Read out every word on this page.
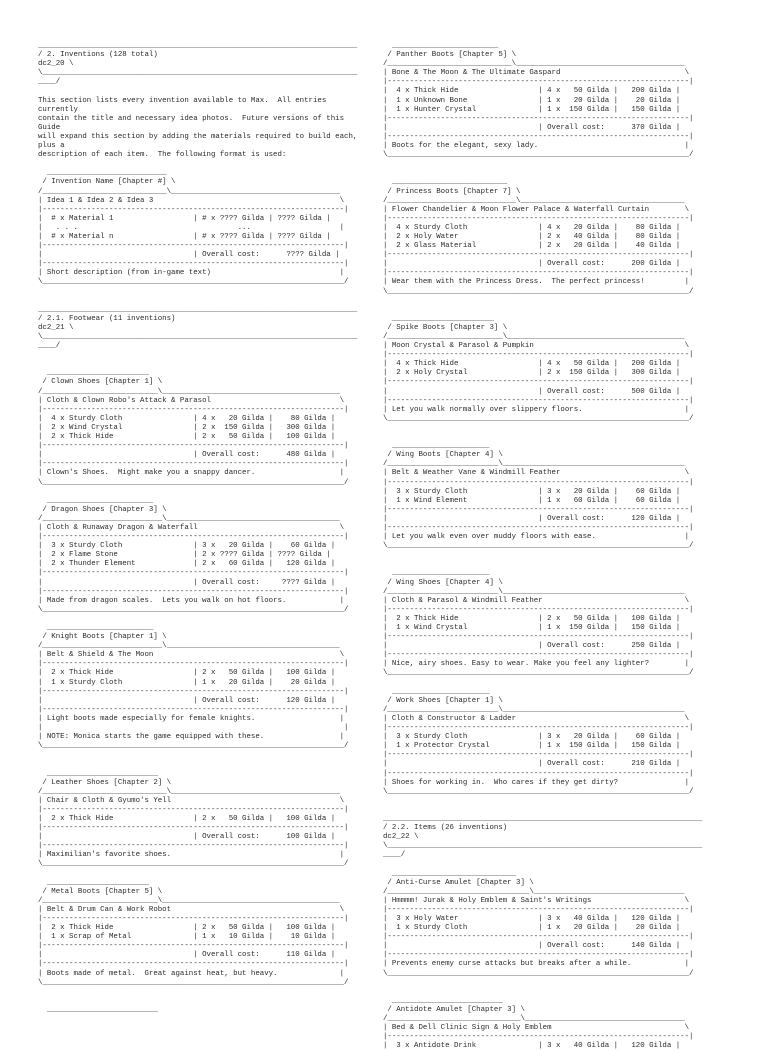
________________________________________________________________________
/ 2. Inventions (128 total)
dc2_20 \
\_______________________________________________________________________
____/

This section lists every invention available to Max.  All entries
currently
contain the title and necessary idea photos.  Future versions of this
Guide
will expand this section by adding the materials required to build each,
plus a
description of each item.  The following format is used:

___________________________
/ Invention Name [Chapter #] \
/____________________________\______________________________________
| Idea 1 & Idea 2 & Idea 3                                          \
|--------------------------------------------------------------------|
|  # x Material 1                  | # x ???? Gilda | ???? Gilda |
|   . . .                                    ...                    |
|  # x Material n                  | # x ???? Gilda | ???? Gilda |
|--------------------------------------------------------------------|
|                                  | Overall cost:      ???? Gilda |
|--------------------------------------------------------------------|
| Short description (from in-game text)                             |
\____________________________________________________________________/

________________________________________________________________________
/ 2.1. Footwear (11 inventions)
dc2_21 \
\_______________________________________________________________________
____/

_______________________
/ Clown Shoes [Chapter 1] \
/__________________________\________________________________________
| Cloth & Clown Robo's Attack & Parasol                             \
|--------------------------------------------------------------------|
|  4 x Sturdy Cloth                | 4 x   20 Gilda |    80 Gilda |
|  2 x Wind Crystal                | 2 x  150 Gilda |   300 Gilda |
|  2 x Thick Hide                  | 2 x   50 Gilda |   100 Gilda |
|--------------------------------------------------------------------|
|                                  | Overall cost:      480 Gilda |
|--------------------------------------------------------------------|
| Clown's Shoes.  Might make you a snappy dancer.                   |
\____________________________________________________________________/

________________________
/ Dragon Shoes [Chapter 3] \
/___________________________\_______________________________________
| Cloth & Runaway Dragon & Waterfall                                \
|--------------------------------------------------------------------|
|  3 x Sturdy Cloth                | 3 x   20 Gilda |    60 Gilda |
|  2 x Flame Stone                 | 2 x ???? Gilda | ???? Gilda |
|  2 x Thunder Element             | 2 x   60 Gilda |   120 Gilda |
|--------------------------------------------------------------------|
|                                  | Overall cost:     ???? Gilda |
|--------------------------------------------------------------------|
| Made from dragon scales.  Lets you walk on hot floors.            |
\____________________________________________________________________/

________________________
/ Knight Boots [Chapter 1] \
/___________________________\_______________________________________
| Belt & Shield & The Moon                                          \
|--------------------------------------------------------------------|
|  2 x Thick Hide                  | 2 x   50 Gilda |   100 Gilda |
|  1 x Sturdy Cloth                | 1 x   20 Gilda |    20 Gilda |
|--------------------------------------------------------------------|
|                                  | Overall cost:      120 Gilda |
|--------------------------------------------------------------------|
| Light boots made especially for female knights.                   |
|                                                                    |
| NOTE: Monica starts the game equipped with these.                 |
\____________________________________________________________________/

_________________________
/ Leather Shoes [Chapter 2] \
/____________________________\______________________________________
| Chair & Cloth & Gyumo's Yell                                      \
|--------------------------------------------------------------------|
|  2 x Thick Hide                  | 2 x   50 Gilda |   100 Gilda |
|--------------------------------------------------------------------|
|                                  | Overall cost:      100 Gilda |
|--------------------------------------------------------------------|
| Maximilian's favorite shoes.                                      |
\____________________________________________________________________/

_______________________
/ Metal Boots [Chapter 5] \
/__________________________\________________________________________
| Belt & Drum Can & Work Robot                                      \
|--------------------------------------------------------------------|
|  2 x Thick Hide                  | 2 x   50 Gilda |   100 Gilda |
|  1 x Scrap of Metal              | 1 x   10 Gilda |    10 Gilda |
|--------------------------------------------------------------------|
|                                  | Overall cost:      110 Gilda |
|--------------------------------------------------------------------|
| Boots made of metal.  Great against heat, but heavy.              |
\____________________________________________________________________/

_________________________
________________________
/ Panther Boots [Chapter 5] \
/____________________________\______________________________________
| Bone & The Moon & The Ultimate Gaspard                            \
|--------------------------------------------------------------------|
|  4 x Thick Hide                  | 4 x   50 Gilda |   200 Gilda |
|  1 x Unknown Bone                | 1 x   20 Gilda |    20 Gilda |
|  1 x Hunter Crystal              | 1 x  150 Gilda |   150 Gilda |
|--------------------------------------------------------------------|
|                                  | Overall cost:      370 Gilda |
|--------------------------------------------------------------------|
| Boots for the elegant, sexy lady.                                 |
\____________________________________________________________________/

__________________________
/ Princess Boots [Chapter 7] \
/_____________________________\_____________________________________
| Flower Chandelier & Moon Flower Palace & Waterfall Curtain        \
|--------------------------------------------------------------------|
|  4 x Sturdy Cloth                | 4 x   20 Gilda |    80 Gilda |
|  2 x Holy Water                  | 2 x   40 Gilda |    80 Gilda |
|  2 x Glass Material              | 2 x   20 Gilda |    40 Gilda |
|--------------------------------------------------------------------|
|                                  | Overall cost:      200 Gilda |
|--------------------------------------------------------------------|
| Wear them with the Princess Dress.  The perfect princess!         |
\____________________________________________________________________/

_______________________
/ Spike Boots [Chapter 3] \
/__________________________\________________________________________
| Moon Crystal & Parasol & Pumpkin                                  \
|--------------------------------------------------------------------|
|  4 x Thick Hide                  | 4 x   50 Gilda |   200 Gilda |
|  2 x Holy Crystal                | 2 x  150 Gilda |   300 Gilda |
|--------------------------------------------------------------------|
|                                  | Overall cost:      500 Gilda |
|--------------------------------------------------------------------|
| Let you walk normally over slippery floors.                       |
\____________________________________________________________________/

______________________
/ Wing Boots [Chapter 4] \
/_________________________\_________________________________________
| Belt & Weather Vane & Windmill Feather                            \
|--------------------------------------------------------------------|
|  3 x Sturdy Cloth                | 3 x   20 Gilda |    60 Gilda |
|  1 x Wind Element                | 1 x   60 Gilda |    60 Gilda |
|--------------------------------------------------------------------|
|                                  | Overall cost:      120 Gilda |
|--------------------------------------------------------------------|
| Let you walk even over muddy floors with ease.                    |
\____________________________________________________________________/

______________________
/ Wing Shoes [Chapter 4] \
/_________________________\_________________________________________
| Cloth & Parasol & Windmill Feather                                \
|--------------------------------------------------------------------|
|  2 x Thick Hide                  | 2 x   50 Gilda |   100 Gilda |
|  1 x Wind Crystal                | 1 x  150 Gilda |   150 Gilda |
|--------------------------------------------------------------------|
|                                  | Overall cost:      250 Gilda |
|--------------------------------------------------------------------|
| Nice, airy shoes. Easy to wear. Make you feel any lighter?        |
\____________________________________________________________________/

______________________
/ Work Shoes [Chapter 1] \
/_________________________\_________________________________________
| Cloth & Constructor & Ladder                                      \
|--------------------------------------------------------------------|
|  3 x Sturdy Cloth                | 3 x   20 Gilda |    60 Gilda |
|  1 x Protector Crystal           | 1 x  150 Gilda |   150 Gilda |
|--------------------------------------------------------------------|
|                                  | Overall cost:      210 Gilda |
|--------------------------------------------------------------------|
| Shoes for working in.  Who cares if they get dirty?               |
\____________________________________________________________________/

________________________________________________________________________
/ 2.2. Items (26 inventions)
dc2_22 \
\_______________________________________________________________________
____/

____________________________
/ Anti-Curse Amulet [Chapter 3] \
/________________________________\__________________________________
| Hmmmm! Jurak & Holy Emblem & Saint's Writings                     \
|--------------------------------------------------------------------|
|  3 x Holy Water                  | 3 x   40 Gilda |   120 Gilda |
|  1 x Sturdy Cloth                | 1 x   20 Gilda |    20 Gilda |
|--------------------------------------------------------------------|
|                                  | Overall cost:      140 Gilda |
|--------------------------------------------------------------------|
| Prevents enemy curse attacks but breaks after a while.            |
\____________________________________________________________________/

_________________________
/ Antidote Amulet [Chapter 3] \
/______________________________\____________________________________
| Bed & Dell Clinic Sign & Holy Emblem                              \
|--------------------------------------------------------------------|
|  3 x Antidote Drink              | 3 x   40 Gilda |   120 Gilda |
